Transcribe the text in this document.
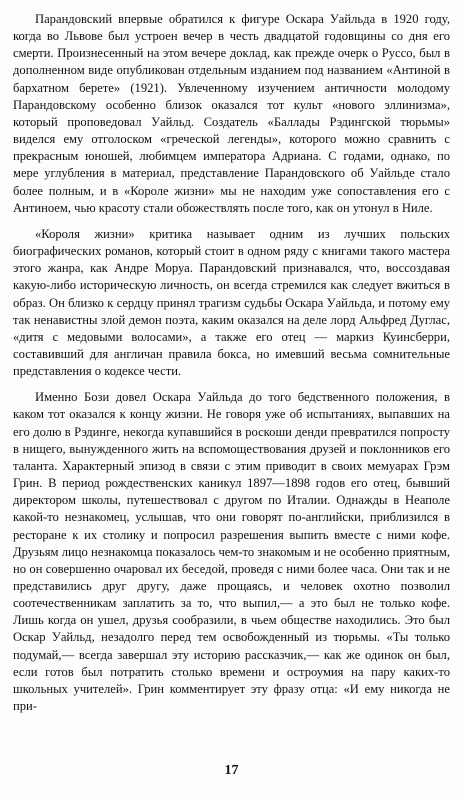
Парандовский впервые обратился к фигуре Оскара Уайльда в 1920 году, когда во Львове был устроен вечер в честь двадцатой годовщины со дня его смерти. Произнесенный на этом вечере доклад, как прежде очерк о Руссо, был в дополненном виде опубликован отдельным изданием под названием «Антиной в бархатном берете» (1921). Увлеченному изучением античности молодому Парандовскому особенно близок оказался тот культ «нового эллинизма», который проповедовал Уайльд. Создатель «Баллады Рэдингской тюрьмы» виделся ему отголоском «греческой легенды», которого можно сравнить с прекрасным юношей, любимцем императора Адриана. С годами, однако, по мере углубления в материал, представление Парандовского об Уайльде стало более полным, и в «Короле жизни» мы не находим уже сопоставления его с Антиноем, чью красоту стали обожествлять после того, как он утонул в Ниле.

«Короля жизни» критика называет одним из лучших польских биографических романов, который стоит в одном ряду с книгами такого мастера этого жанра, как Андре Моруа. Парандовский признавался, что, воссоздавая какую-либо историческую личность, он всегда стремился как следует вжиться в образ. Он близко к сердцу принял трагизм судьбы Оскара Уайльда, и потому ему так ненавистны злой демон поэта, каким оказался на деле лорд Альфред Дуглас, «дитя с медовыми волосами», а также его отец — маркиз Куинсберри, составивший для англичан правила бокса, но имевший весьма сомнительные представления о кодексе чести.

Именно Бози довел Оскара Уайльда до того бедственного положения, в каком тот оказался к концу жизни. Не говоря уже об испытаниях, выпавших на его долю в Рэдинге, некогда купавшийся в роскоши денди превратился попросту в нищего, вынужденного жить на вспомоществования друзей и поклонников его таланта. Характерный эпизод в связи с этим приводит в своих мемуарах Грэм Грин. В период рождественских каникул 1897—1898 годов его отец, бывший директором школы, путешествовал с другом по Италии. Однажды в Неаполе какой-то незнакомец, услышав, что они говорят по-английски, приблизился в ресторане к их столику и попросил разрешения выпить вместе с ними кофе. Друзьям лицо незнакомца показалось чем-то знакомым и не особенно приятным, но он совершенно очаровал их беседой, проведя с ними более часа. Они так и не представились друг другу, даже прощаясь, и человек охотно позволил соотечественникам заплатить за то, что выпил,— а это был не только кофе. Лишь когда он ушел, друзья сообразили, в чьем обществе находились. Это был Оскар Уайльд, незадолго перед тем освобожденный из тюрьмы. «Ты только подумай,— всегда завершал эту историю рассказчик,— как же одинок он был, если готов был потратить столько времени и остроумия на пару каких-то школьных учителей». Грин комментирует эту фразу отца: «И ему никогда не при-

17
